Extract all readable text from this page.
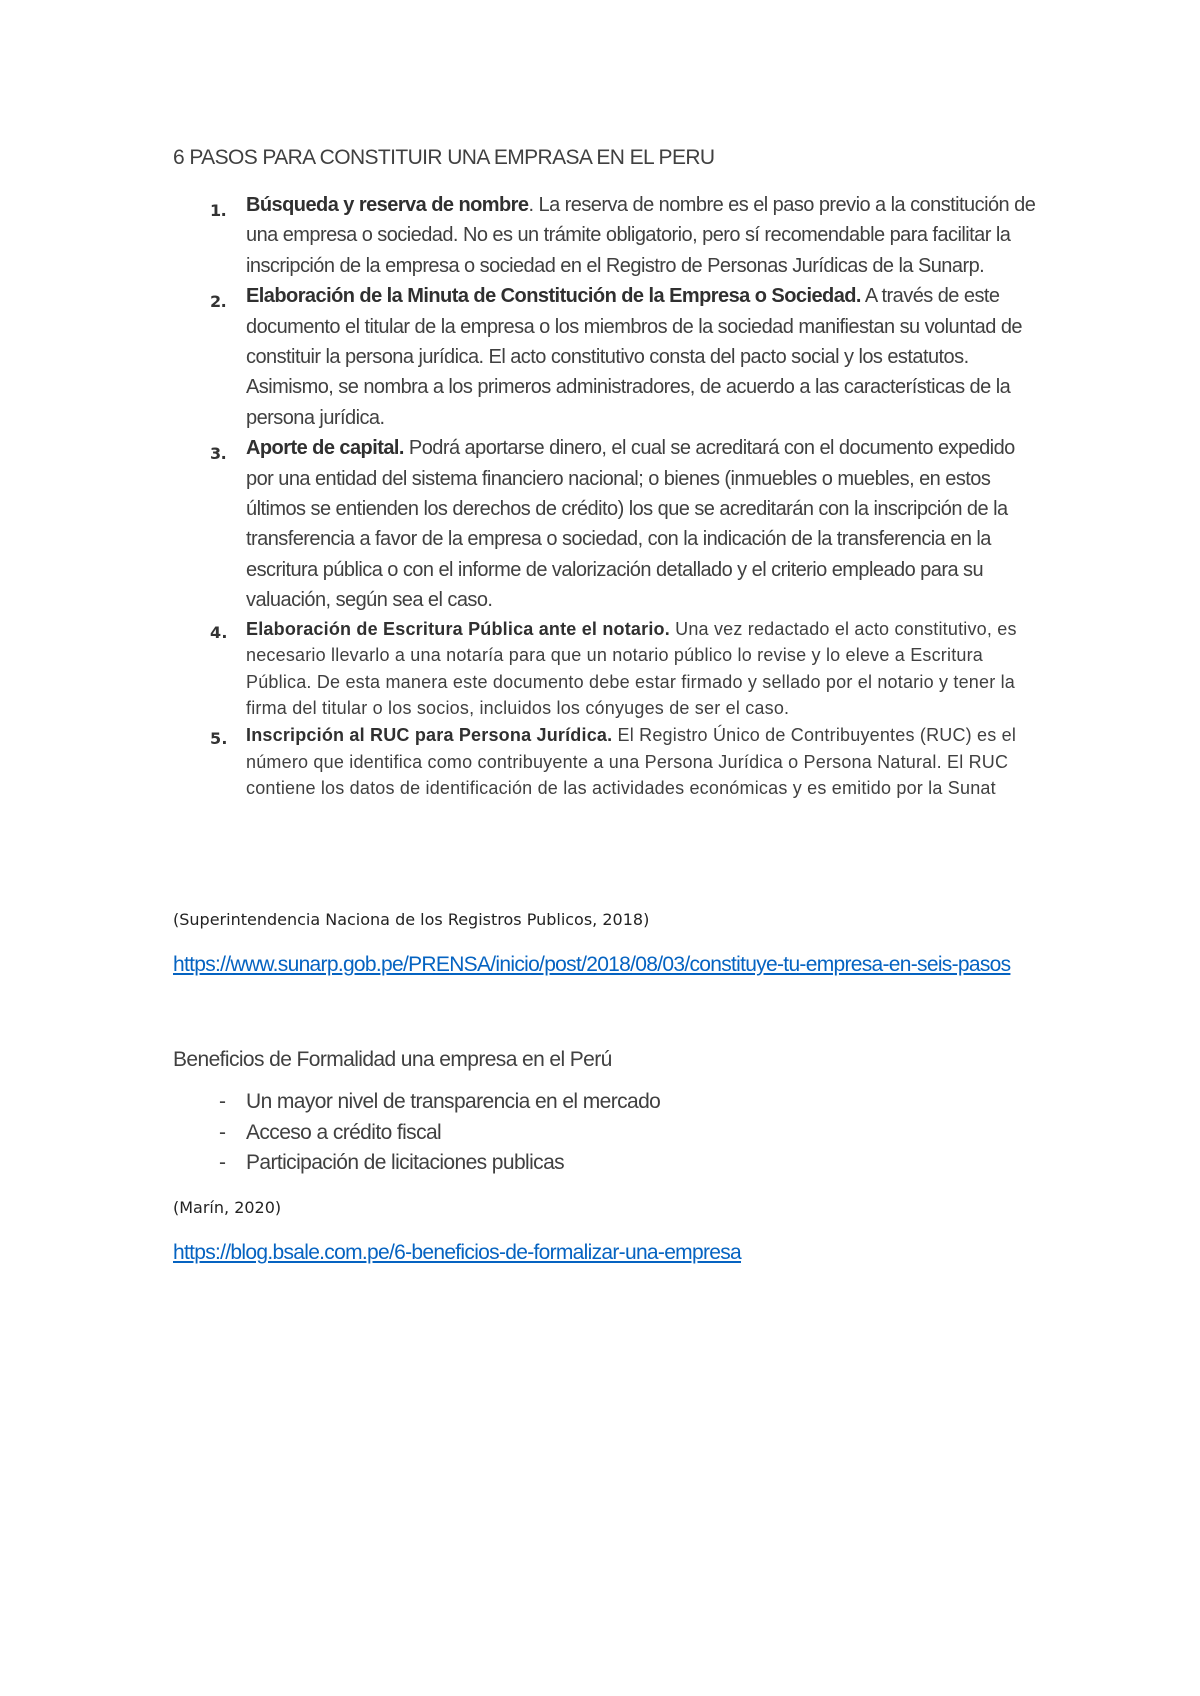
6 PASOS PARA CONSTITUIR UNA EMPRASA EN EL PERU
1. Búsqueda y reserva de nombre. La reserva de nombre es el paso previo a la constitución de una empresa o sociedad. No es un trámite obligatorio, pero sí recomendable para facilitar la inscripción de la empresa o sociedad en el Registro de Personas Jurídicas de la Sunarp.

2. Elaboración de la Minuta de Constitución de la Empresa o Sociedad. A través de este documento el titular de la empresa o los miembros de la sociedad manifiestan su voluntad de constituir la persona jurídica. El acto constitutivo consta del pacto social y los estatutos. Asimismo, se nombra a los primeros administradores, de acuerdo a las características de la persona jurídica.

3. Aporte de capital. Podrá aportarse dinero, el cual se acreditará con el documento expedido por una entidad del sistema financiero nacional; o bienes (inmuebles o muebles, en estos últimos se entienden los derechos de crédito) los que se acreditarán con la inscripción de la transferencia a favor de la empresa o sociedad, con la indicación de la transferencia en la escritura pública o con el informe de valorización detallado y el criterio empleado para su valuación, según sea el caso.

4. Elaboración de Escritura Pública ante el notario. Una vez redactado el acto constitutivo, es necesario llevarlo a una notaría para que un notario público lo revise y lo eleve a Escritura Pública. De esta manera este documento debe estar firmado y sellado por el notario y tener la firma del titular o los socios, incluidos los cónyuges de ser el caso.

5. Inscripción al RUC para Persona Jurídica. El Registro Único de Contribuyentes (RUC) es el número que identifica como contribuyente a una Persona Jurídica o Persona Natural. El RUC contiene los datos de identificación de las actividades económicas y es emitido por la Sunat

(Superintendencia Naciona de los Registros Publicos, 2018)
https://www.sunarp.gob.pe/PRENSA/inicio/post/2018/08/03/constituye-tu-empresa-en-seis-pasos
Beneficios de Formalidad una empresa en el Perú
- Un mayor nivel de transparencia en el mercado
- Acceso a crédito fiscal
- Participación de licitaciones publicas
(Marín, 2020)
https://blog.bsale.com.pe/6-beneficios-de-formalizar-una-empresa
